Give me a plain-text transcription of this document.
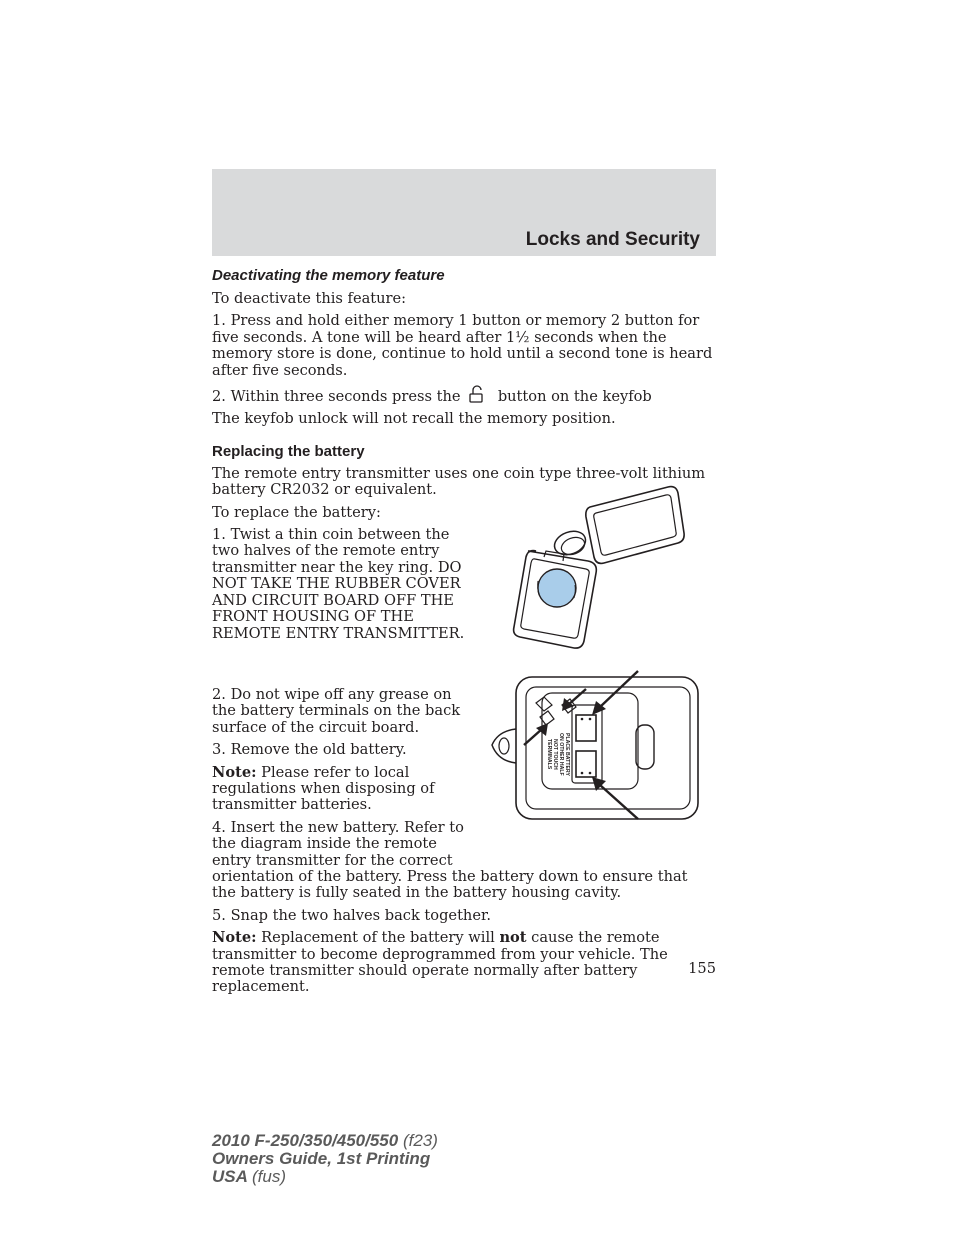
Locks and Security
Deactivating the memory feature

To deactivate this feature:

1. Press and hold either memory 1 button or memory 2 button for five seconds. A tone will be heard after 1½ seconds when the memory store is done, continue to hold until a second tone is heard after five seconds.

2. Within three seconds press the	button on the keyfob

The keyfob unlock will not recall the memory position.

Replacing the battery

The remote entry transmitter uses one coin type three-volt lithium battery CR2032 or equivalent.

To replace the battery:

1. Twist a thin coin between the two halves of the remote entry transmitter near the key ring. DO NOT TAKE THE RUBBER COVER AND CIRCUIT BOARD OFF THE FRONT HOUSING OF THE REMOTE ENTRY TRANSMITTER.

2. Do not wipe off any grease on the battery terminals on the back surface of the circuit board.

3. Remove the old battery.

Note: Please refer to local regulations when disposing of transmitter batteries.

4. Insert the new battery. Refer to the diagram inside the remote entry transmitter for the correct

orientation of the battery. Press the battery down to ensure that the battery is fully seated in the battery housing cavity.

5. Snap the two halves back together.

Note: Replacement of the battery will not cause the remote transmitter to become deprogrammed from your vehicle. The remote transmitter should operate normally after battery replacement.

PLACE BATTERY
ON OTHER HALF
NOT TOUCH
TERMINALS
155
2010 F-250/350/450/550 (f23)
Owners Guide, 1st Printing
USA (fus)
